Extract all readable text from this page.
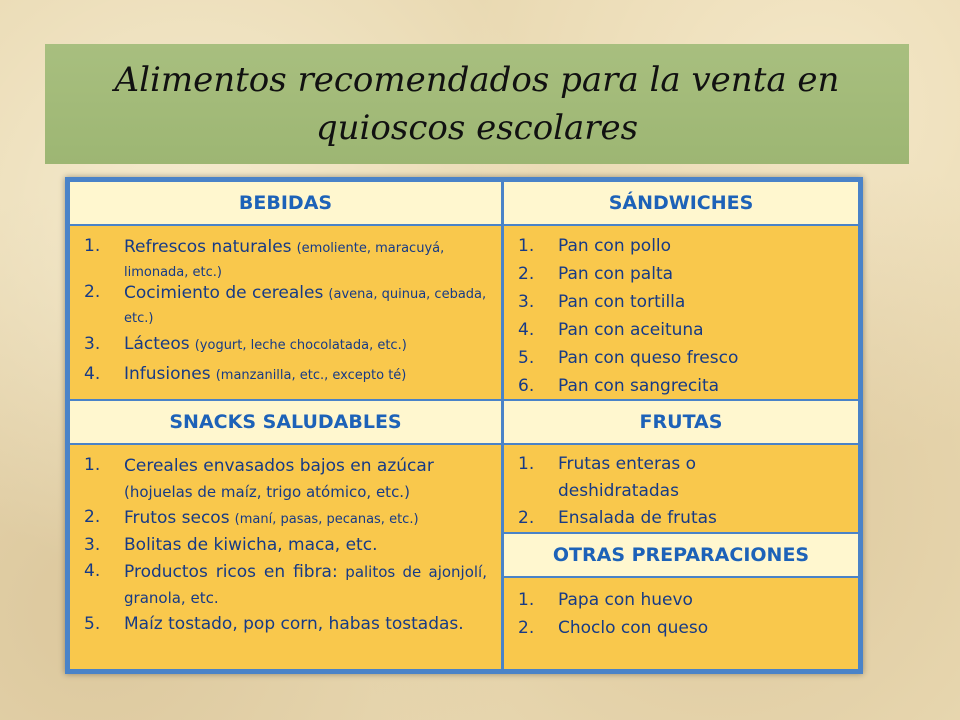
Alimentos recomendados para la venta en quioscos escolares
BEBIDAS	SÁNDWICHES
1.	Refrescos naturales (emoliente, maracuyá, limonada, etc.)
2.	Cocimiento de cereales (avena, quinua, cebada, etc.)
3.	Lácteos (yogurt, leche chocolatada, etc.)
4.	Infusiones (manzanilla, etc., excepto té)
1.	Pan con pollo
2.	Pan con palta
3.	Pan con tortilla
4.	Pan con aceituna
5.	Pan con queso fresco
6.	Pan con sangrecita
SNACKS SALUDABLES	FRUTAS
1.	Cereales envasados bajos en azúcar
(hojuelas de maíz, trigo atómico, etc.)
2.	Frutos secos (maní, pasas, pecanas, etc.)
3.	Bolitas de kiwicha, maca, etc.
4.	Productos ricos en fibra: palitos de ajonjolí, granola, etc.
5.	Maíz tostado, pop corn, habas tostadas.
1.	Frutas enteras o deshidratadas
2.	Ensalada de frutas
OTRAS PREPARACIONES
1.	Papa con huevo
2.	Choclo con queso
